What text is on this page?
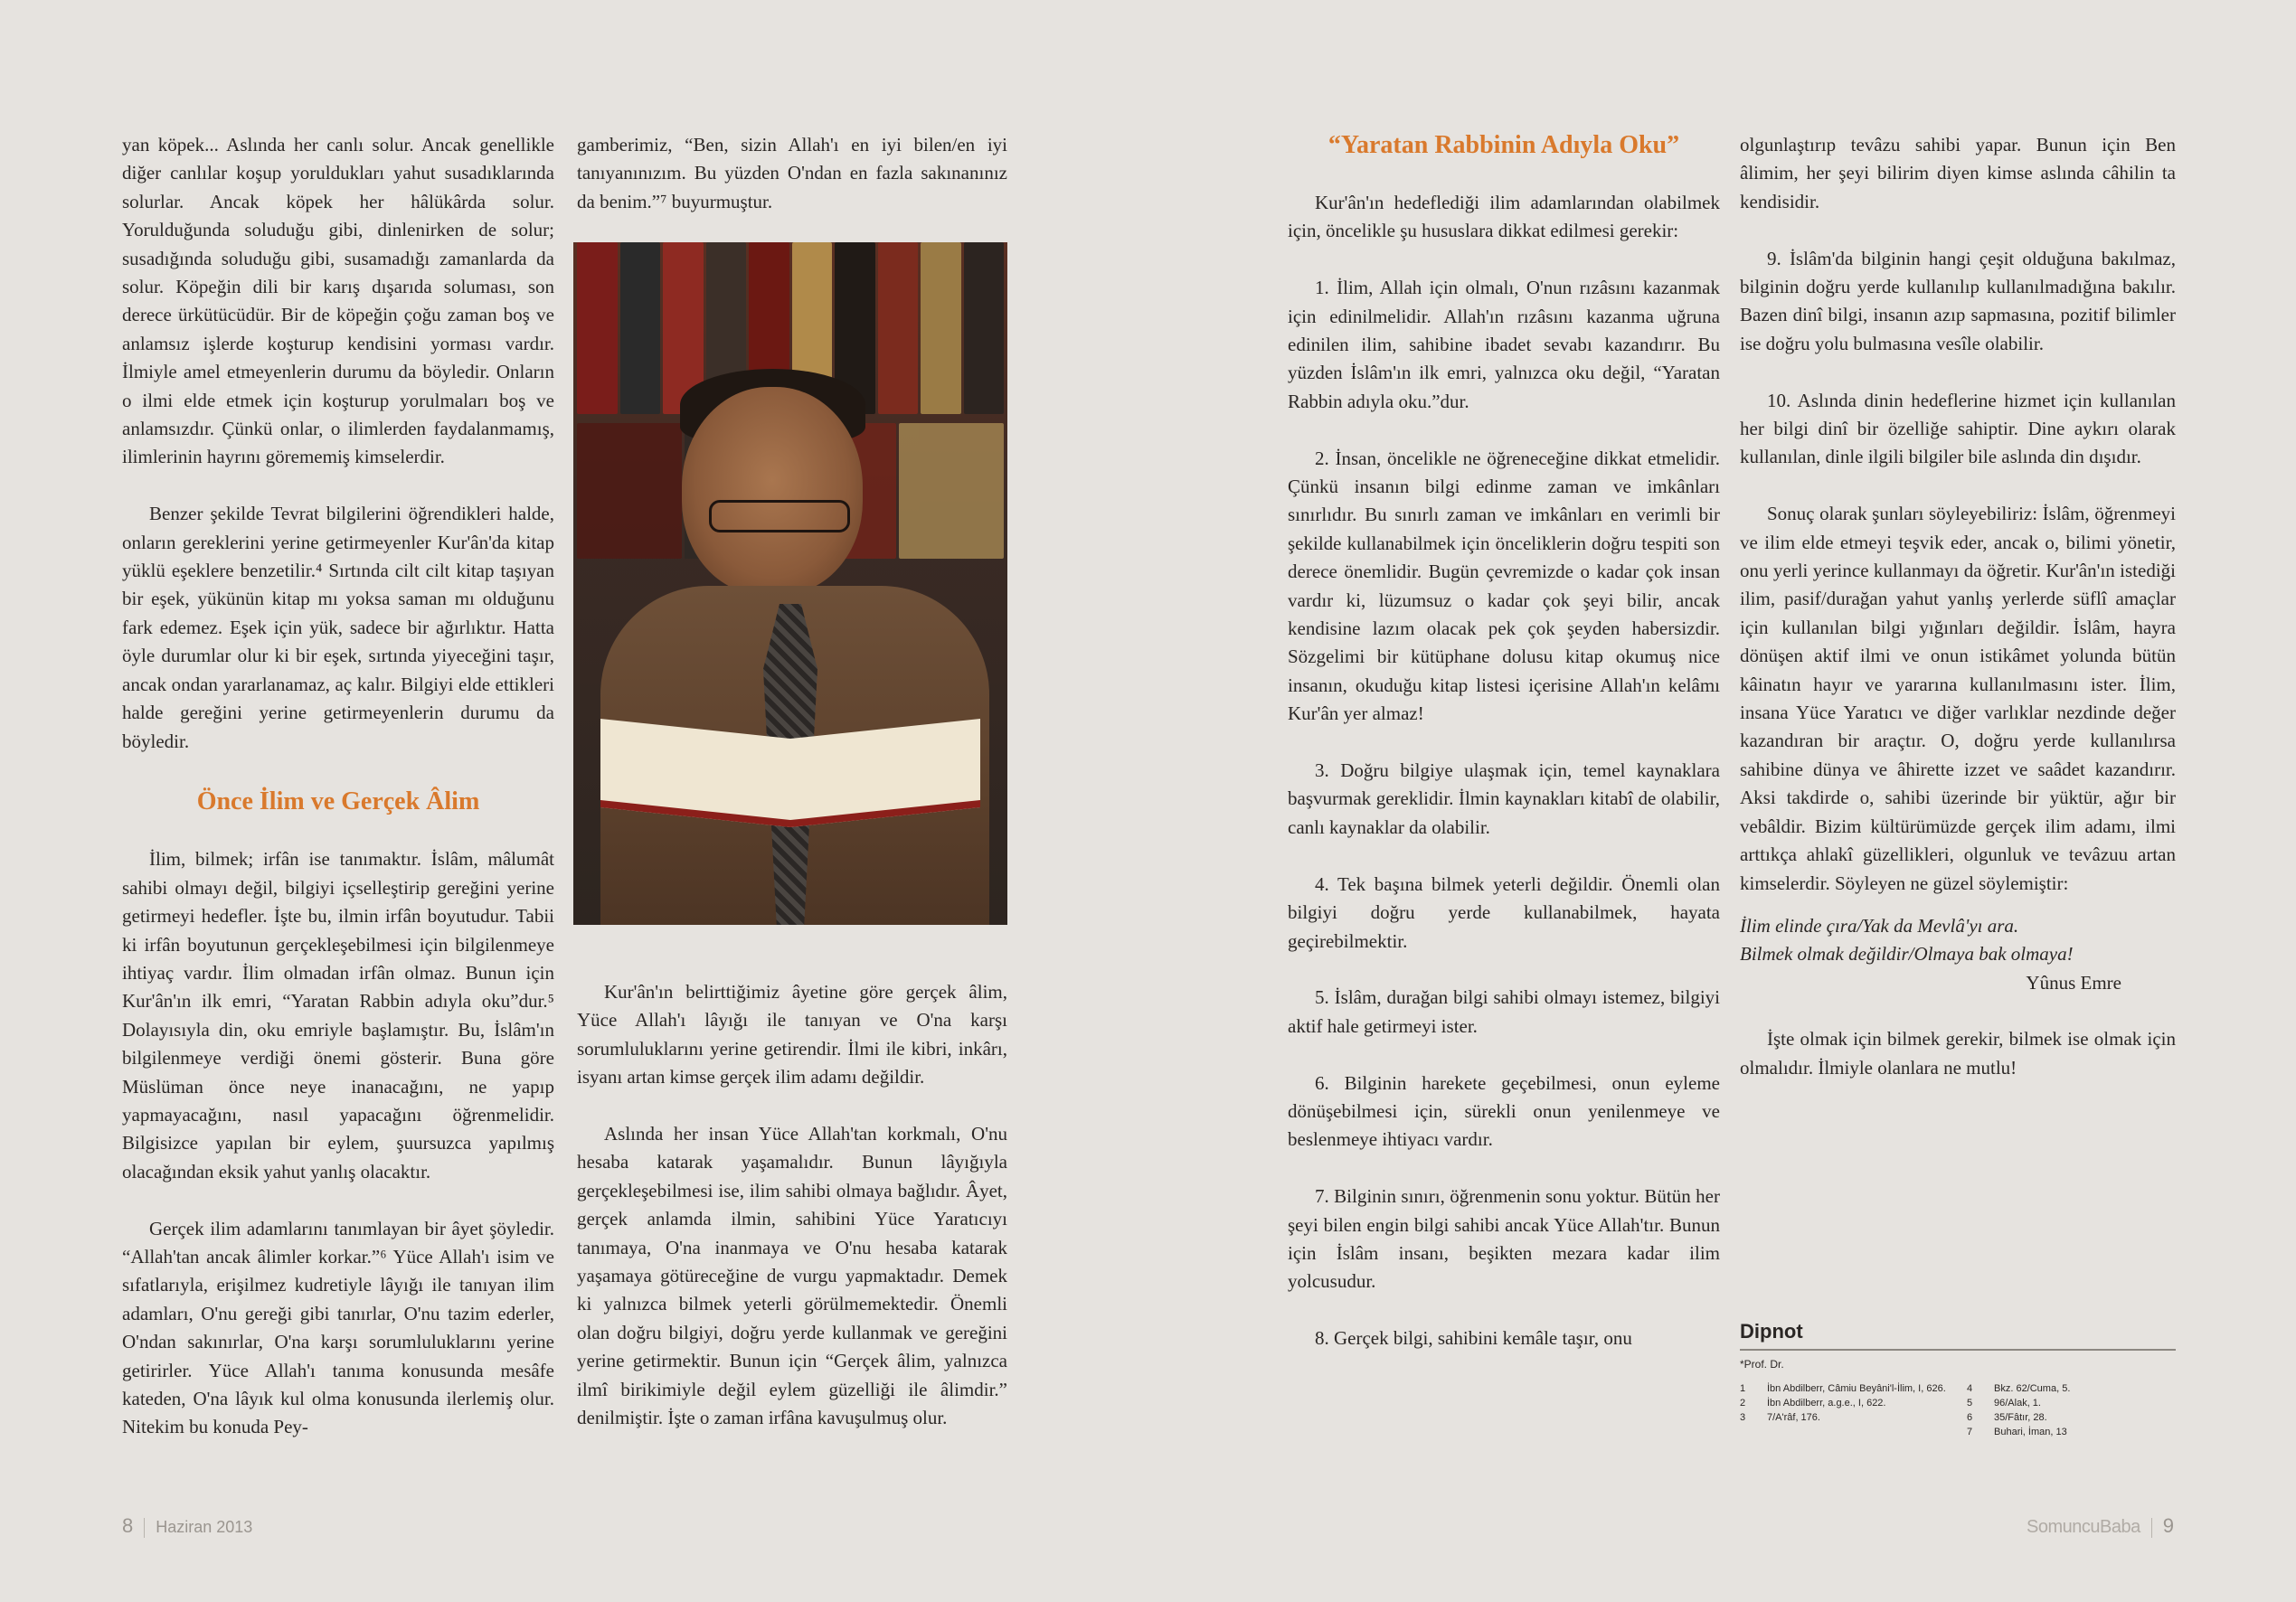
yan köpek... Aslında her canlı solur. Ancak genellikle diğer canlılar koşup yoruldukları yahut susadıklarında solurlar. Ancak köpek her hâlükârda solur. Yorulduğunda soluduğu gibi, dinlenirken de solur; susadığında soluduğu gibi, susamadığı zamanlarda da solur. Köpeğin dili bir karış dışarıda soluması, son derece ürkütücüdür. Bir de köpeğin çoğu zaman boş ve anlamsız işlerde koşturup kendisini yorması vardır. İlmiyle amel etmeyenlerin durumu da böyledir. Onların o ilmi elde etmek için koşturup yorulmaları boş ve anlamsızdır. Çünkü onlar, o ilimlerden faydalanmamış, ilimlerinin hayrını görememiş kimselerdir.

Benzer şekilde Tevrat bilgilerini öğrendikleri halde, onların gereklerini yerine getirmeyenler Kur'ân'da kitap yüklü eşeklere benzetilir.⁴ Sırtında cilt cilt kitap taşıyan bir eşek, yükünün kitap mı yoksa saman mı olduğunu fark edemez. Eşek için yük, sadece bir ağırlıktır. Hatta öyle durumlar olur ki bir eşek, sırtında yiyeceğini taşır, ancak ondan yararlanamaz, aç kalır. Bilgiyi elde ettikleri halde gereğini yerine getirmeyenlerin durumu da böyledir.

Önce İlim ve Gerçek Âlim

İlim, bilmek; irfân ise tanımaktır. İslâm, mâlumât sahibi olmayı değil, bilgiyi içselleştirip gereğini yerine getirmeyi hedefler. İşte bu, ilmin irfân boyutudur. Tabii ki irfân boyutunun gerçekleşebilmesi için bilgilenmeye ihtiyaç vardır. İlim olmadan irfân olmaz. Bunun için Kur'ân'ın ilk emri, “Yaratan Rabbin adıyla oku”dur.⁵ Dolayısıyla din, oku emriyle başlamıştır. Bu, İslâm'ın bilgilenmeye verdiği önemi gösterir. Buna göre Müslüman önce neye inanacağını, ne yapıp yapmayacağını, nasıl yapacağını öğrenmelidir. Bilgisizce yapılan bir eylem, şuursuzca yapılmış olacağından eksik yahut yanlış olacaktır.

Gerçek ilim adamlarını tanımlayan bir âyet şöyledir. “Allah'tan ancak âlimler korkar.”⁶ Yüce Allah'ı isim ve sıfatlarıyla, erişilmez kudretiyle lâyığı ile tanıyan ilim adamları, O'nu gereği gibi tanırlar, O'nu tazim ederler, O'ndan sakınırlar, O'na karşı sorumluluklarını yerine getirirler. Yüce Allah'ı tanıma konusunda mesâfe kateden, O'na lâyık kul olma konusunda ilerlemiş olur. Nitekim bu konuda Pey-

gamberimiz, “Ben, sizin Allah'ı en iyi bilen/en iyi tanıyanınızım. Bu yüzden O'ndan en fazla sakınanınız da benim.”⁷ buyurmuştur.

Kur'ân'ın belirttiğimiz âyetine göre gerçek âlim, Yüce Allah'ı lâyığı ile tanıyan ve O'na karşı sorumluluklarını yerine getirendir. İlmi ile kibri, inkârı, isyanı artan kimse gerçek ilim adamı değildir.

Aslında her insan Yüce Allah'tan korkmalı, O'nu hesaba katarak yaşamalıdır. Bunun lâyığıyla gerçekleşebilmesi ise, ilim sahibi olmaya bağlıdır. Âyet, gerçek anlamda ilmin, sahibini Yüce Yaratıcıyı tanımaya, O'na inanmaya ve O'nu hesaba katarak yaşamaya götüreceğine de vurgu yapmaktadır. Demek ki yalnızca bilmek yeterli görülmemektedir. Önemli olan doğru bilgiyi, doğru yerde kullanmak ve gereğini yerine getirmektir. Bunun için “Gerçek âlim, yalnızca ilmî birikimiyle değil eylem güzelliği ile âlimdir.” denilmiştir. İşte o zaman irfâna kavuşulmuş olur.

“Yaratan Rabbinin Adıyla Oku”

Kur'ân'ın hedeflediği ilim adamlarından olabilmek için, öncelikle şu hususlara dikkat edilmesi gerekir:

1. İlim, Allah için olmalı, O'nun rızâsını kazanmak için edinilmelidir. Allah'ın rızâsını kazanma uğruna edinilen ilim, sahibine ibadet sevabı kazandırır. Bu yüzden İslâm'ın ilk emri, yalnızca oku değil, “Yaratan Rabbin adıyla oku.”dur.

2. İnsan, öncelikle ne öğreneceğine dikkat etmelidir. Çünkü insanın bilgi edinme zaman ve imkânları sınırlıdır. Bu sınırlı zaman ve imkânları en verimli bir şekilde kullanabilmek için önceliklerin doğru tespiti son derece önemlidir. Bugün çevremizde o kadar çok insan vardır ki, lüzumsuz o kadar çok şeyi bilir, ancak kendisine lazım olacak pek çok şeyden habersizdir. Sözgelimi bir kütüphane dolusu kitap okumuş nice insanın, okuduğu kitap listesi içerisine Allah'ın kelâmı Kur'ân yer almaz!

3. Doğru bilgiye ulaşmak için, temel kaynaklara başvurmak gereklidir. İlmin kaynakları kitabî de olabilir, canlı kaynaklar da olabilir.

4. Tek başına bilmek yeterli değildir. Önemli olan bilgiyi doğru yerde kullanabilmek, hayata geçirebilmektir.

5. İslâm, durağan bilgi sahibi olmayı istemez, bilgiyi aktif hale getirmeyi ister.

6. Bilginin harekete geçebilmesi, onun eyleme dönüşebilmesi için, sürekli onun yenilenmeye ve beslenmeye ihtiyacı vardır.

7. Bilginin sınırı, öğrenmenin sonu yoktur. Bütün her şeyi bilen engin bilgi sahibi ancak Yüce Allah'tır. Bunun için İslâm insanı, beşikten mezara kadar ilim yolcusudur.

8. Gerçek bilgi, sahibini kemâle taşır, onu

olgunlaştırıp tevâzu sahibi yapar. Bunun için Ben âlimim, her şeyi bilirim diyen kimse aslında câhilin ta kendisidir.

9. İslâm'da bilginin hangi çeşit olduğuna bakılmaz, bilginin doğru yerde kullanılıp kullanılmadığına bakılır. Bazen dinî bilgi, insanın azıp sapmasına, pozitif bilimler ise doğru yolu bulmasına vesîle olabilir.

10. Aslında dinin hedeflerine hizmet için kullanılan her bilgi dinî bir özelliğe sahiptir. Dine aykırı olarak kullanılan, dinle ilgili bilgiler bile aslında din dışıdır.

Sonuç olarak şunları söyleyebiliriz: İslâm, öğrenmeyi ve ilim elde etmeyi teşvik eder, ancak o, bilimi yönetir, onu yerli yerince kullanmayı da öğretir. Kur'ân'ın istediği ilim, pasif/durağan yahut yanlış yerlerde süflî amaçlar için kullanılan bilgi yığınları değildir. İslâm, hayra dönüşen aktif ilmi ve onun istikâmet yolunda bütün kâinatın hayır ve yararına kullanılmasını ister. İlim, insana Yüce Yaratıcı ve diğer varlıklar nezdinde değer kazandıran bir araçtır. O, doğru yerde kullanılırsa sahibine dünya ve âhirette izzet ve saâdet kazandırır. Aksi takdirde o, sahibi üzerinde bir yüktür, ağır bir vebâldir. Bizim kültürümüzde gerçek ilim adamı, ilmi arttıkça ahlakî güzellikleri, olgunluk ve tevâzuu artan kimselerdir. Söyleyen ne güzel söylemiştir:

İlim elinde çıra/Yak da Mevlâ'yı ara.
Bilmek olmak değildir/Olmaya bak olmaya!
Yûnus Emre

İşte olmak için bilmek gerekir, bilmek ise olmak için olmalıdır. İlmiyle olanlara ne mutlu!

Dipnot
*Prof. Dr.
1	İbn Abdilberr, Câmiu Beyâni'l-İlim, I, 626. 4	Bkz. 62/Cuma, 5.
2	İbn Abdilberr, a.g.e., I, 622.	5	96/Alak, 1.
3	7/A'râf, 176.	6	35/Fâtır, 28.
7	Buhari, İman, 13
8 Haziran 2013	SomuncuBaba 9
